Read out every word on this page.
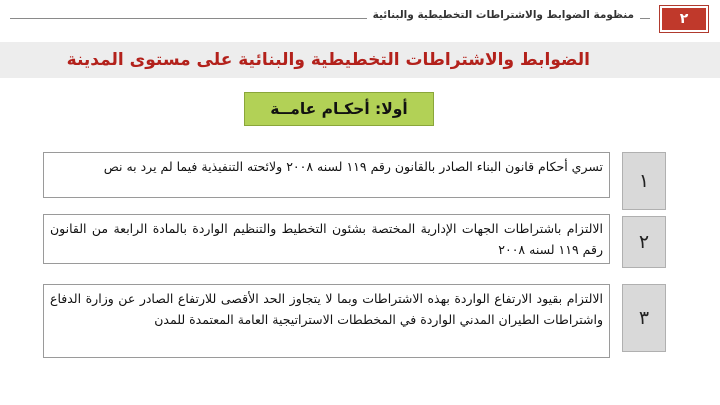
منظومة الضوابط والاشتراطات التخطيطية والبنائية	٢
الضوابط والاشتراطات التخطيطية والبنائية على مستوى المدينة
أولا: أحكـام عامــة
١
تسري أحكام قانون البناء الصادر بالقانون رقم ١١٩ لسنه ٢٠٠٨ ولائحته التنفيذية فيما لم يرد به نص
٢
الالتزام باشتراطات الجهات الإدارية المختصة بشئون التخطيط والتنظيم الواردة بالمادة الرابعة من القانون رقم ١١٩ لسنه ٢٠٠٨
٣
الالتزام بقيود الارتفاع الواردة بهذه الاشتراطات وبما لا يتجاوز الحد الأقصى للارتفاع الصادر عن وزارة الدفاع واشتراطات الطيران المدني الواردة في المخططات الاستراتيجية العامة المعتمدة للمدن
